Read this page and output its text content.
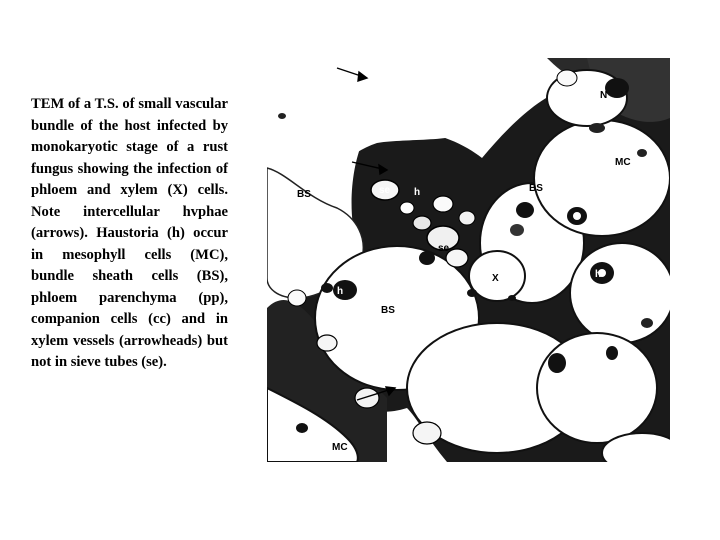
TEM of a T.S. of small vascular bundle of the host infected by monokaryotic stage of a rust fungus showing the infection of phloem and xylem (X) cells. Note intercellular hvphae (arrows). Haustoria (h) occur in mesophyll cells (MC), bundle sheath cells (BS), phloem parenchyma (pp), companion cells (cc) and in xylem vessels (arrowheads) but not in sieve tubes (se).

N
MC
BS
BS
se h
se
X
h
BS
h
MC
